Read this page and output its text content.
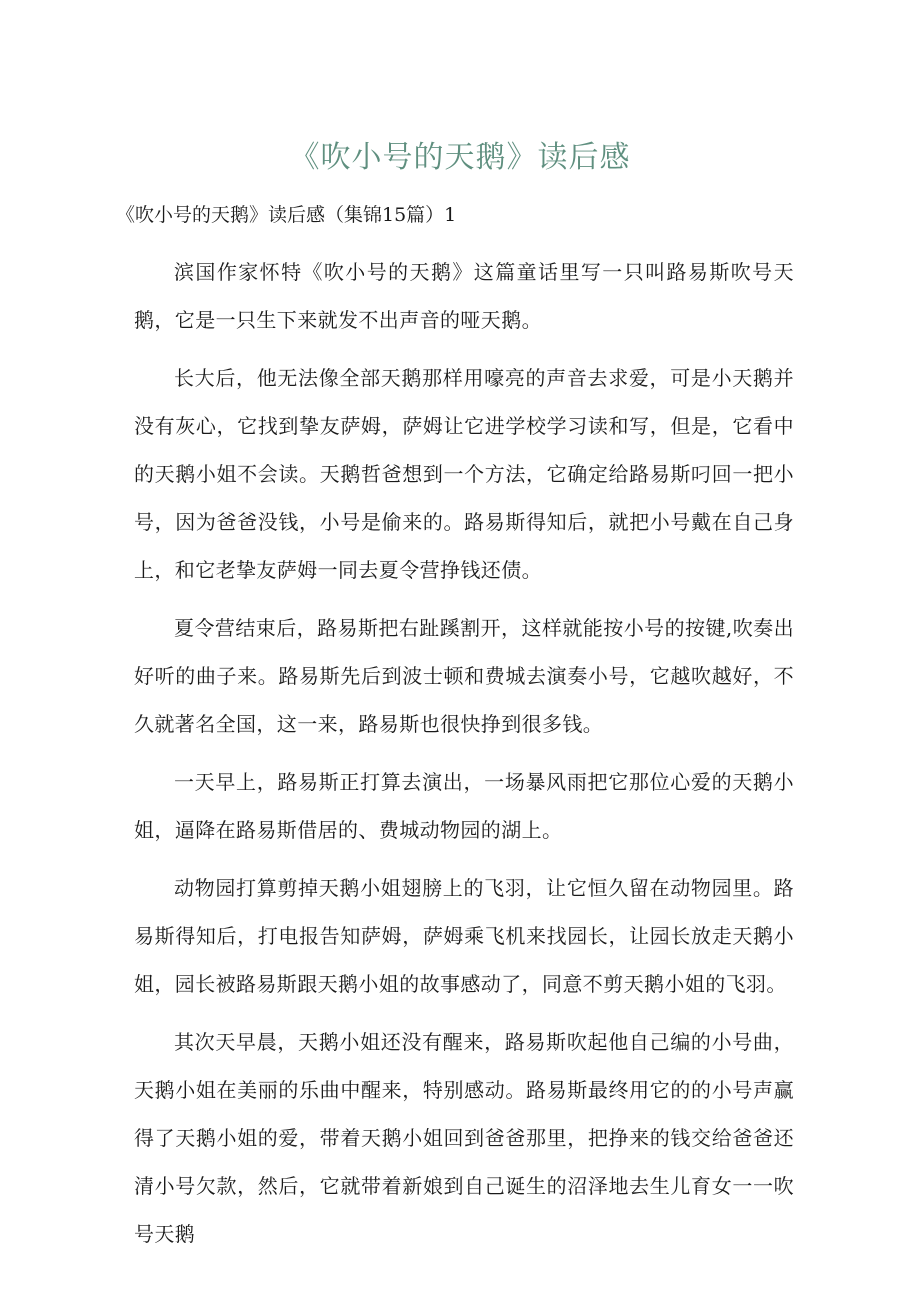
《吹小号的天鹅》读后感
《吹小号的天鹅》读后感（集锦15篇）1

滨国作家怀特《吹小号的天鹅》这篇童话里写一只叫路易斯吹号天鹅，它是一只生下来就发不出声音的哑天鹅。

长大后，他无法像全部天鹅那样用嚎亮的声音去求爱，可是小天鹅并没有灰心，它找到挚友萨姆，萨姆让它进学校学习读和写，但是，它看中的天鹅小姐不会读。天鹅哲爸想到一个方法，它确定给路易斯叼回一把小号，因为爸爸没钱，小号是偷来的。路易斯得知后，就把小号戴在自己身上，和它老挚友萨姆一同去夏令营挣钱还债。

夏令营结束后，路易斯把右趾蹊割开，这样就能按小号的按键,吹奏出好听的曲子来。路易斯先后到波士顿和费城去演奏小号，它越吹越好，不久就著名全国，这一来，路易斯也很快挣到很多钱。

一天早上，路易斯正打算去演出，一场暴风雨把它那位心爱的天鹅小姐，逼降在路易斯借居的、费城动物园的湖上。

动物园打算剪掉天鹅小姐翅膀上的飞羽，让它恒久留在动物园里。路易斯得知后，打电报告知萨姆，萨姆乘飞机来找园长，让园长放走天鹅小姐，园长被路易斯跟天鹅小姐的故事感动了，同意不剪天鹅小姐的飞羽。

其次天早晨，天鹅小姐还没有醒来，路易斯吹起他自己编的小号曲，天鹅小姐在美丽的乐曲中醒来，特别感动。路易斯最终用它的的小号声赢得了天鹅小姐的爱，带着天鹅小姐回到爸爸那里，把挣来的钱交给爸爸还清小号欠款，然后，它就带着新娘到自己诞生的沼泽地去生儿育女一一吹号天鹅
